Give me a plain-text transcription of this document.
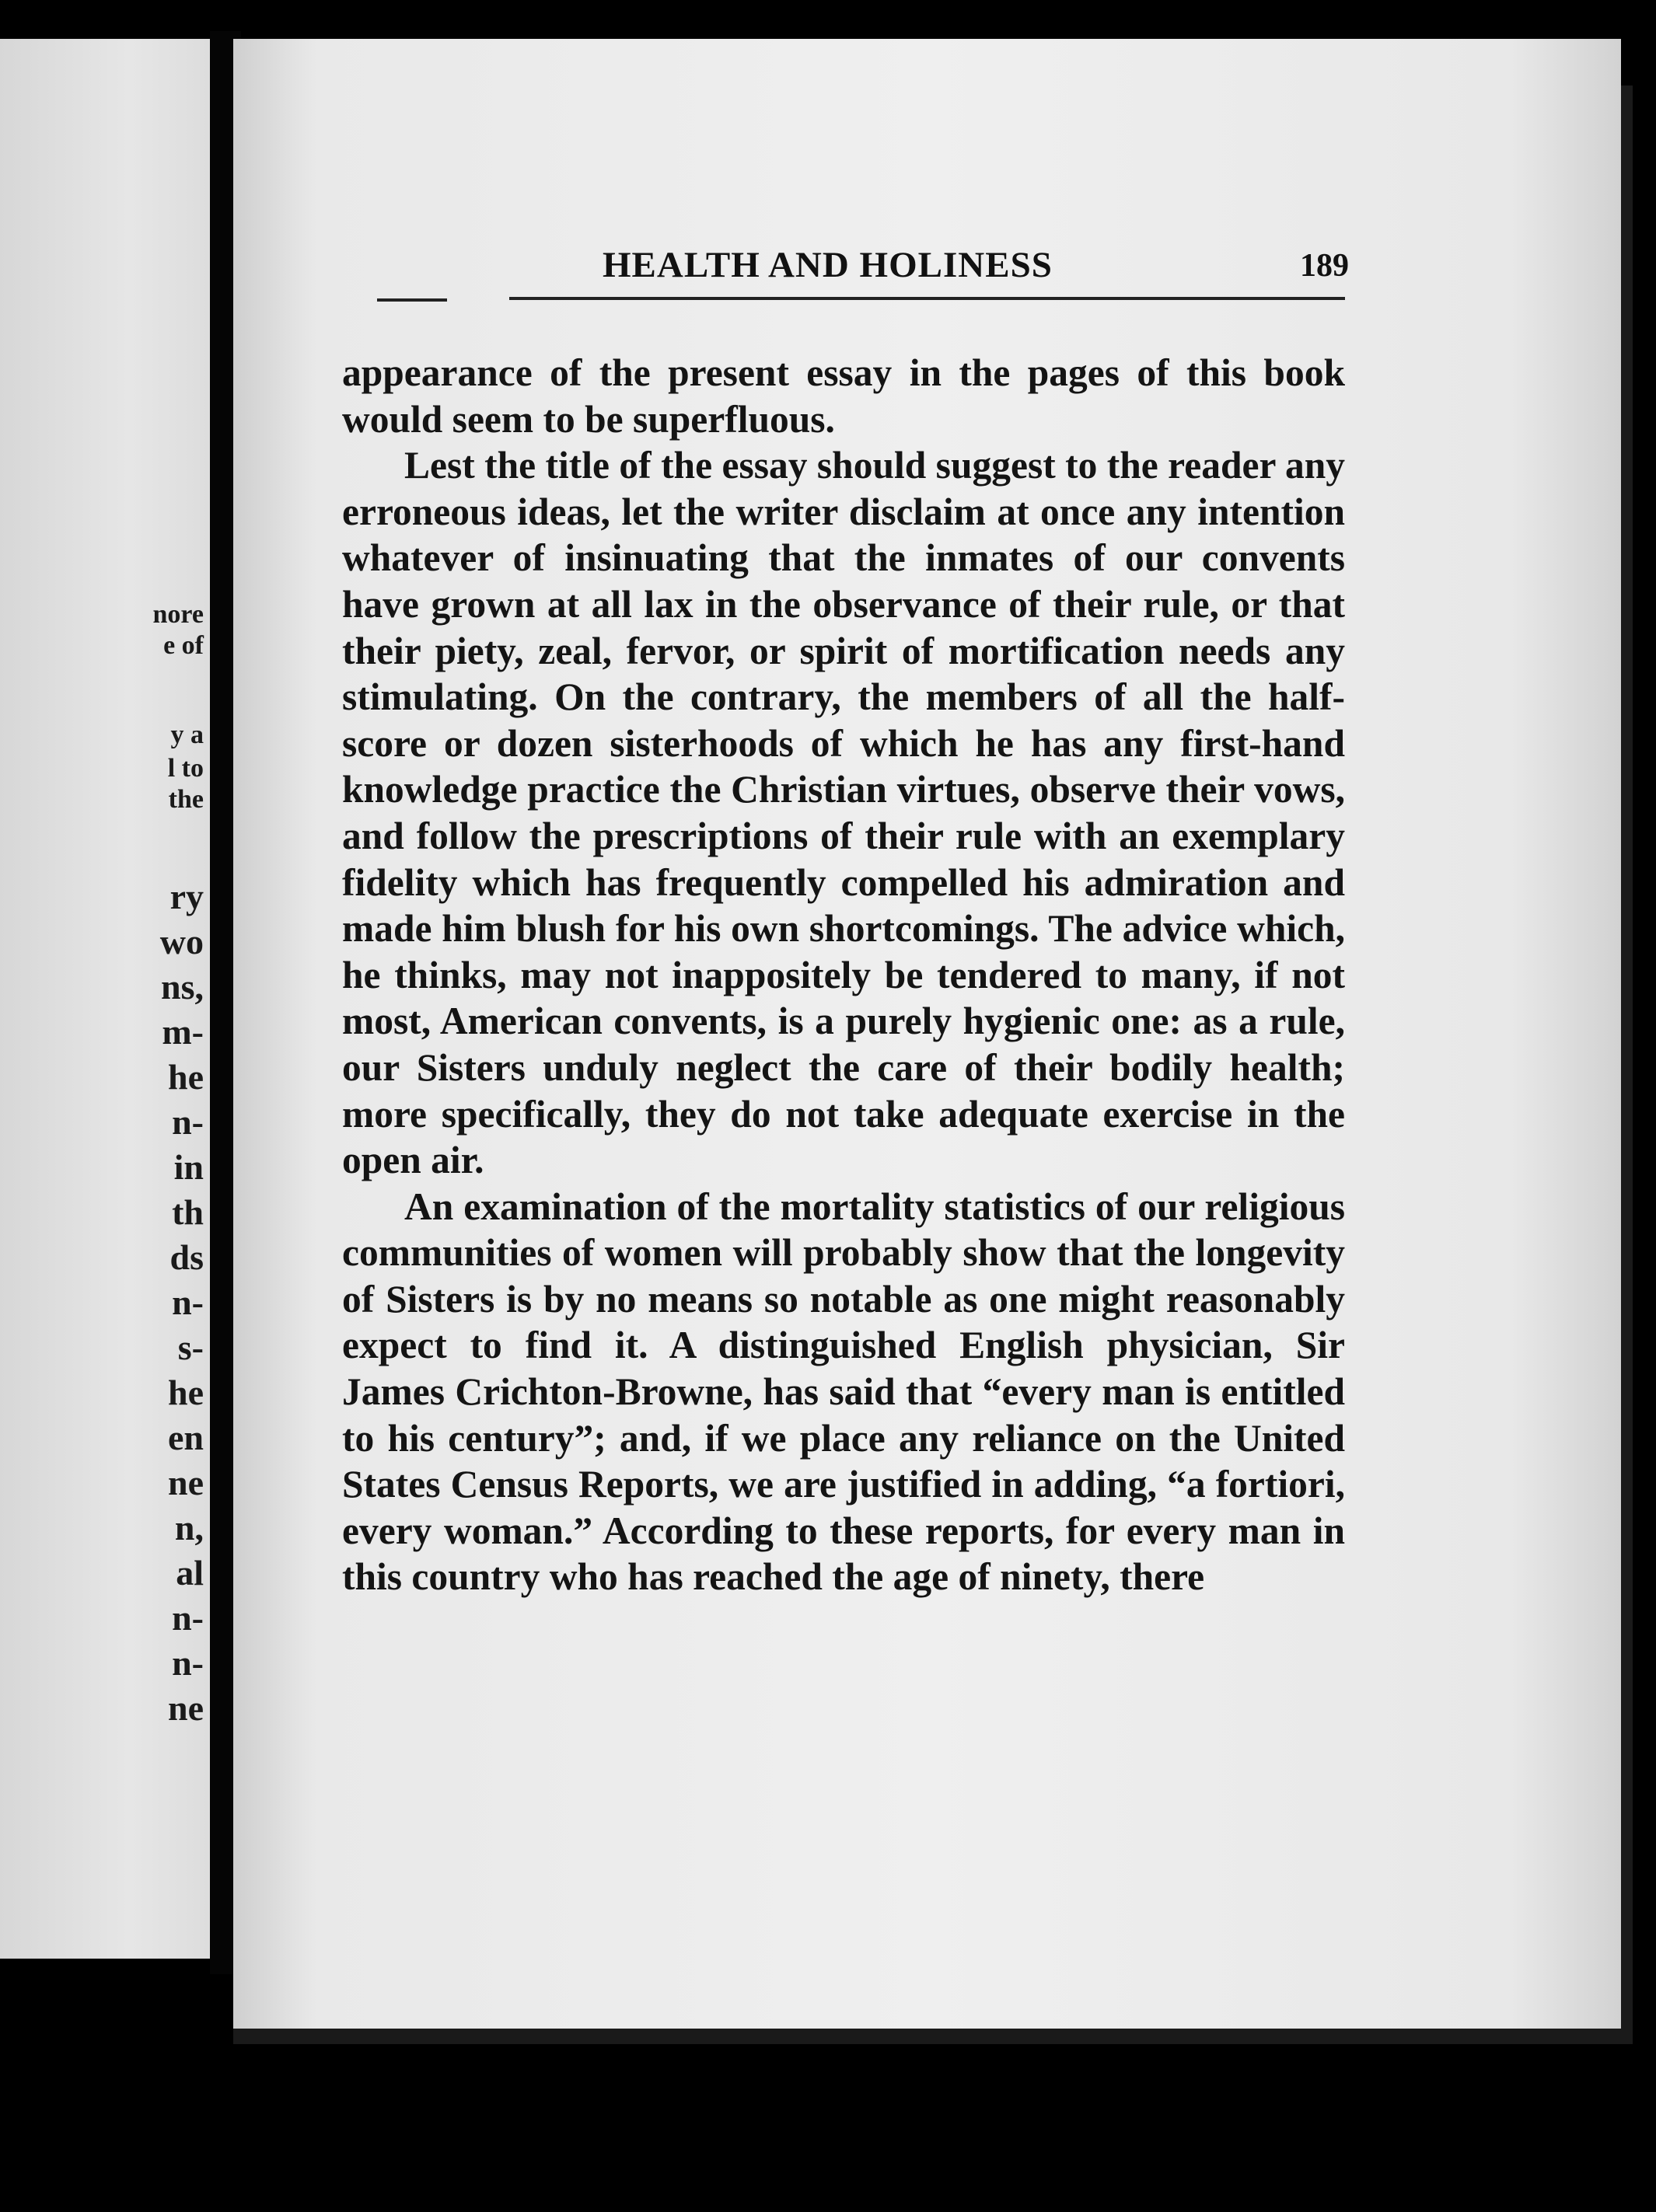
nore
e of
y a
l to
the
ry
wo
ns,
m-
he
n-
in
th
ds
n-
s-
he
en
ne
n,
al
n-
n-
ne
HEALTH AND HOLINESS	189

appearance of the present essay in the pages of this book would seem to be superfluous.

Lest the title of the essay should suggest to the reader any erroneous ideas, let the writer disclaim at once any intention whatever of insinuating that the inmates of our convents have grown at all lax in the observance of their rule, or that their piety, zeal, fervor, or spirit of mortification needs any stimulating. On the contrary, the members of all the half-score or dozen sisterhoods of which he has any first-hand knowledge practice the Christian virtues, observe their vows, and follow the prescriptions of their rule with an exemplary fidelity which has frequently compelled his admiration and made him blush for his own shortcomings. The advice which, he thinks, may not inappositely be tendered to many, if not most, American convents, is a purely hygienic one: as a rule, our Sisters unduly neglect the care of their bodily health; more specifically, they do not take adequate exercise in the open air.

An examination of the mortality statistics of our religious communities of women will probably show that the longevity of Sisters is by no means so notable as one might reasonably expect to find it. A distinguished English physician, Sir James Crichton-Browne, has said that “every man is entitled to his century”; and, if we place any reliance on the United States Census Reports, we are justified in adding, “a fortiori, every woman.” According to these reports, for every man in this country who has reached the age of ninety, there
